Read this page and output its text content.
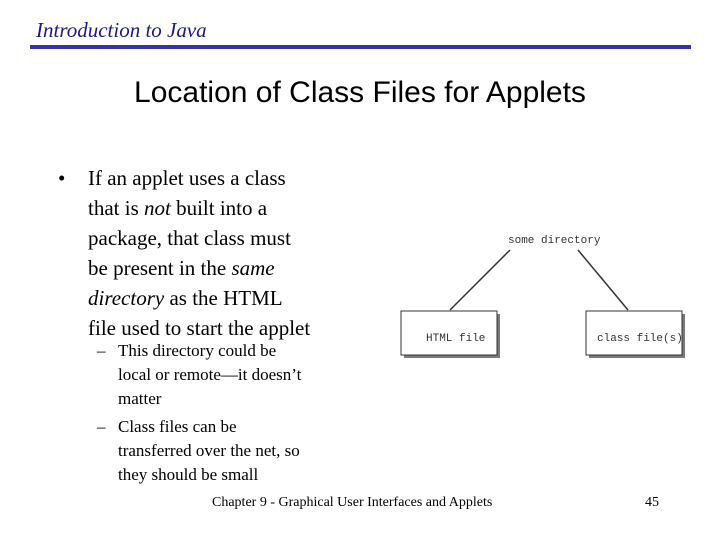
Introduction to Java
Location of Class Files for Applets
• If an applet uses a class
that is not built into a
package, that class must
be present in the same
directory as the HTML
file used to start the applet
– This directory could be
local or remote—it doesn’t
matter
– Class files can be
transferred over the net, so
they should be small
some directory
HTML file	class file(s)
Chapter 9 - Graphical User Interfaces and Applets	45
